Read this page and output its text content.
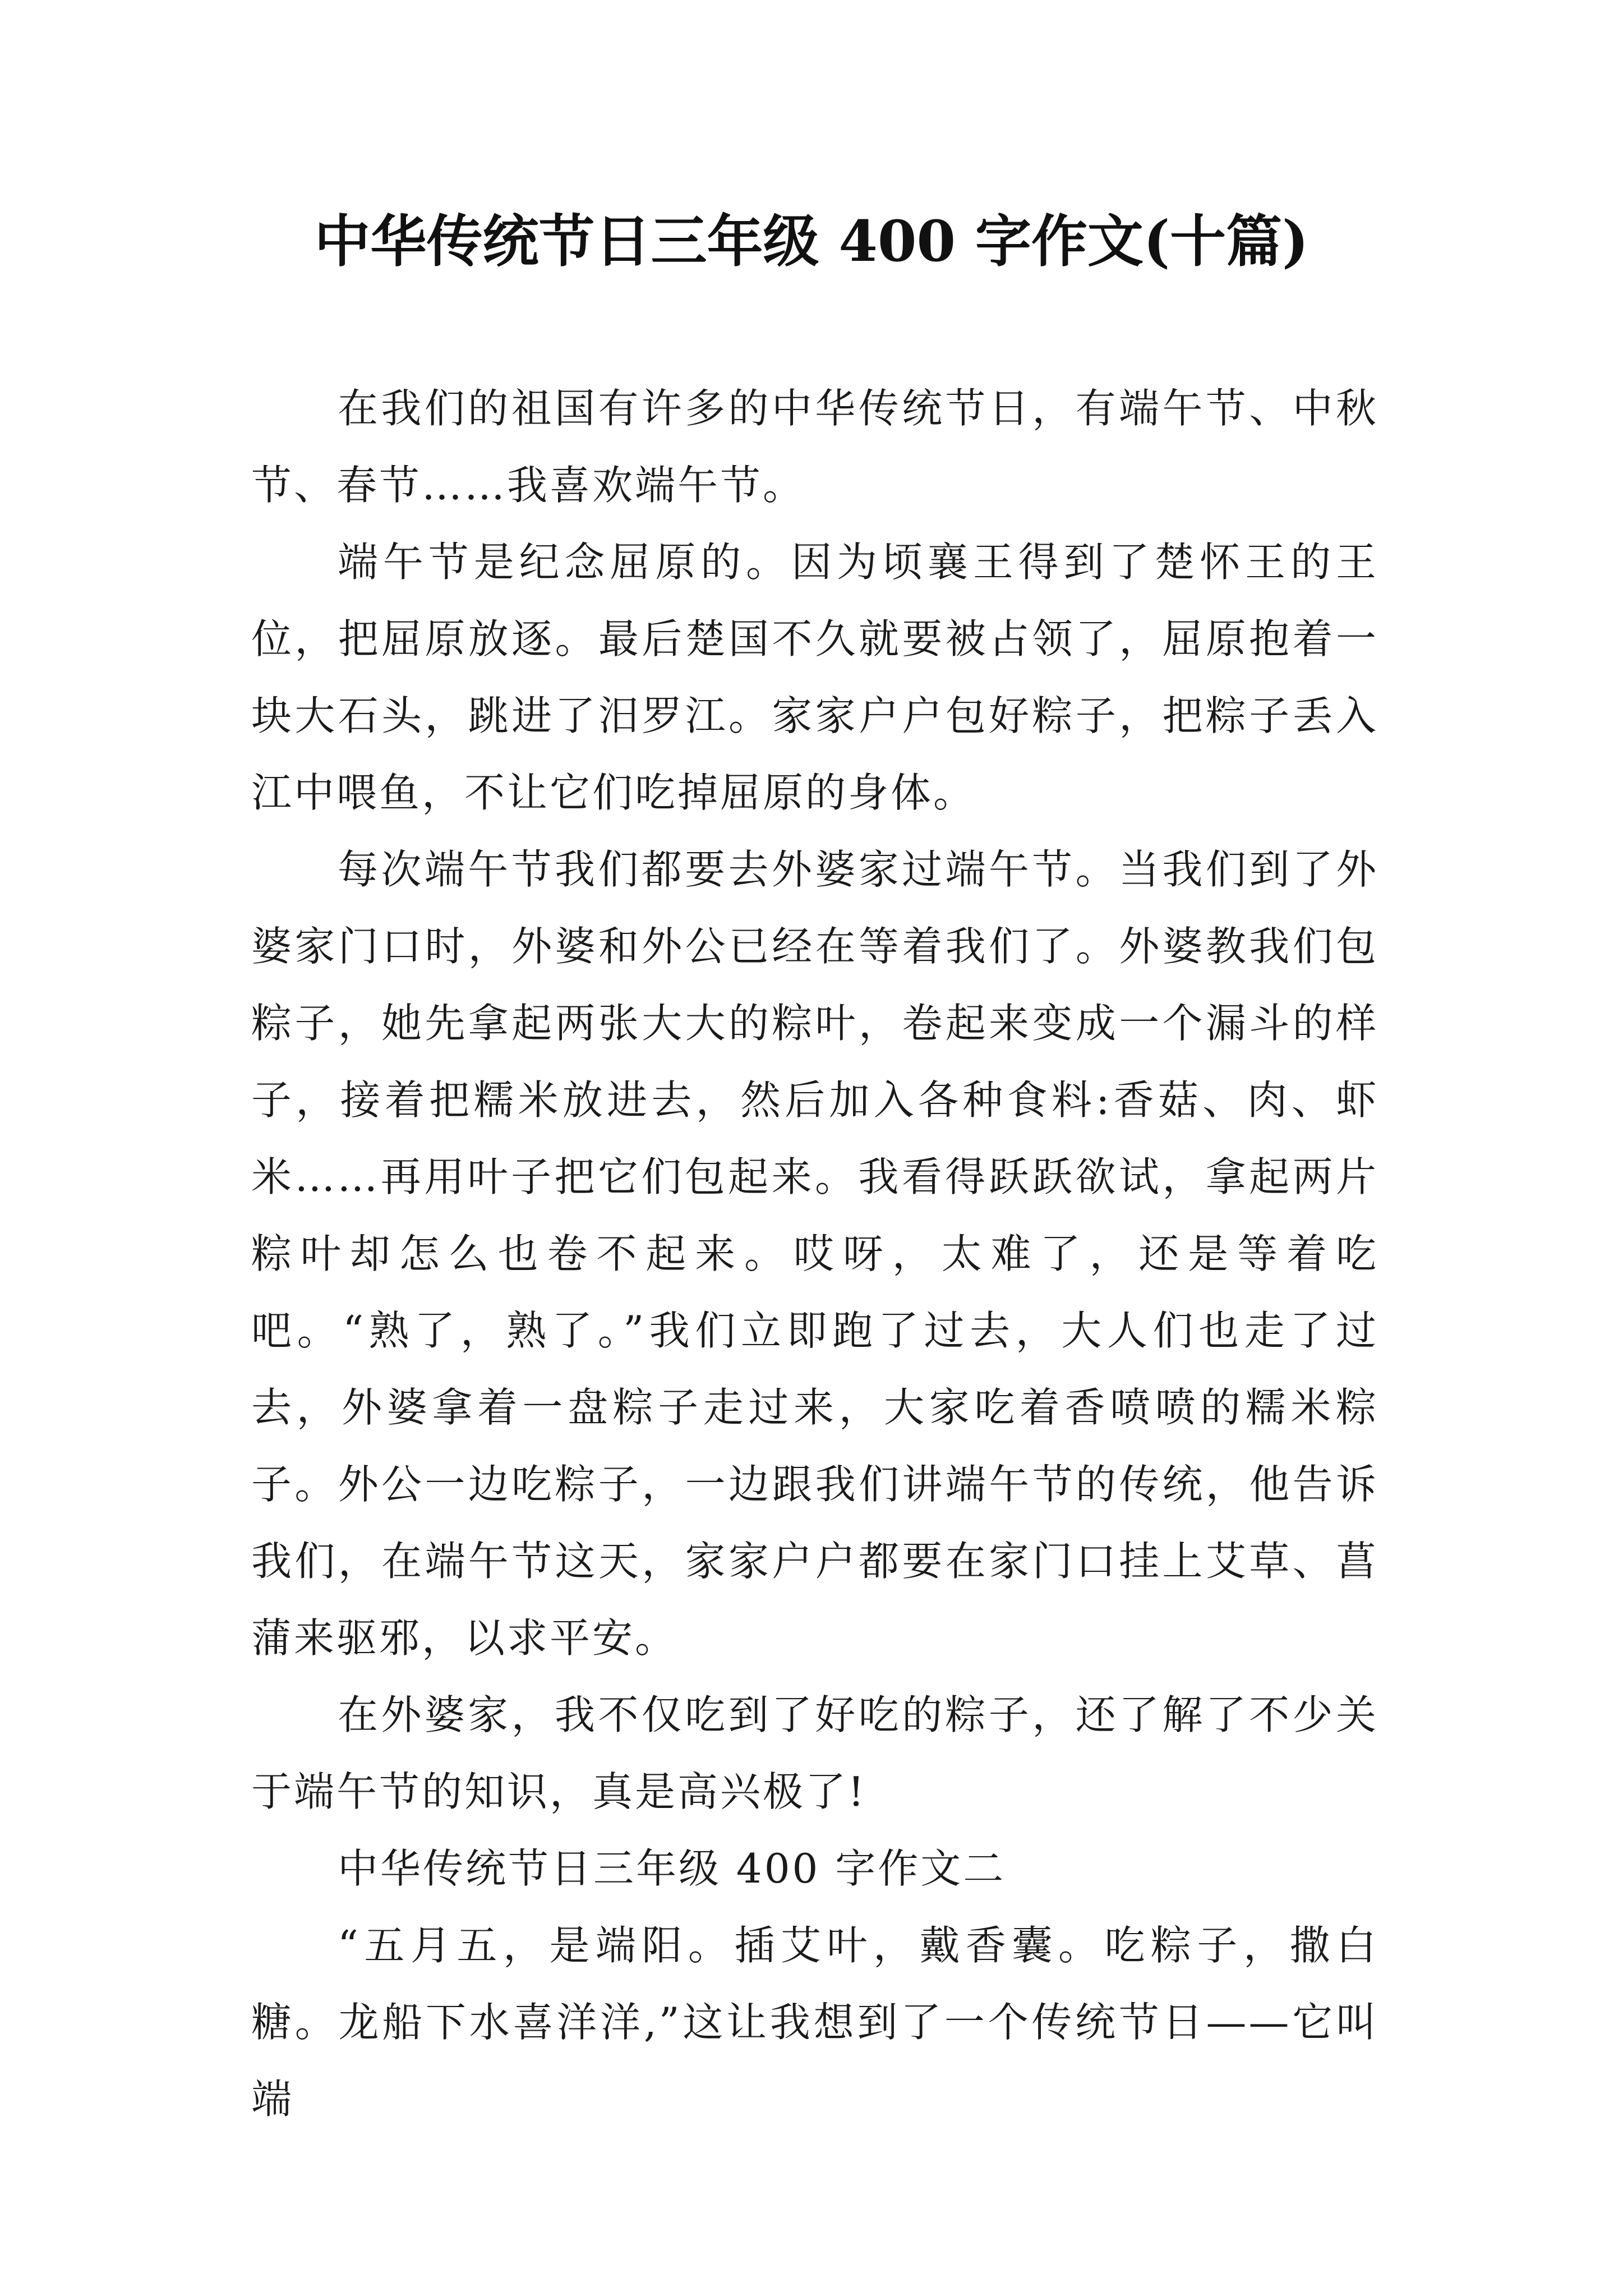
中华传统节日三年级 400 字作文(十篇)

在我们的祖国有许多的中华传统节日，有端午节、中秋节、春节……我喜欢端午节。

端午节是纪念屈原的。因为顷襄王得到了楚怀王的王位，把屈原放逐。最后楚国不久就要被占领了，屈原抱着一块大石头，跳进了汨罗江。家家户户包好粽子，把粽子丢入江中喂鱼，不让它们吃掉屈原的身体。

每次端午节我们都要去外婆家过端午节。当我们到了外婆家门口时，外婆和外公已经在等着我们了。外婆教我们包粽子，她先拿起两张大大的粽叶，卷起来变成一个漏斗的样子，接着把糯米放进去，然后加入各种食料:香菇、肉、虾米……再用叶子把它们包起来。我看得跃跃欲试，拿起两片粽叶却怎么也卷不起来。哎呀，太难了，还是等着吃吧。“熟了，熟了。”我们立即跑了过去，大人们也走了过去，外婆拿着一盘粽子走过来，大家吃着香喷喷的糯米粽子。外公一边吃粽子，一边跟我们讲端午节的传统，他告诉我们，在端午节这天，家家户户都要在家门口挂上艾草、菖蒲来驱邪，以求平安。

在外婆家，我不仅吃到了好吃的粽子，还了解了不少关于端午节的知识，真是高兴极了!

中华传统节日三年级 400 字作文二

“五月五，是端阳。插艾叶，戴香囊。吃粽子，撒白糖。龙船下水喜洋洋,”这让我想到了一个传统节日——它叫端
